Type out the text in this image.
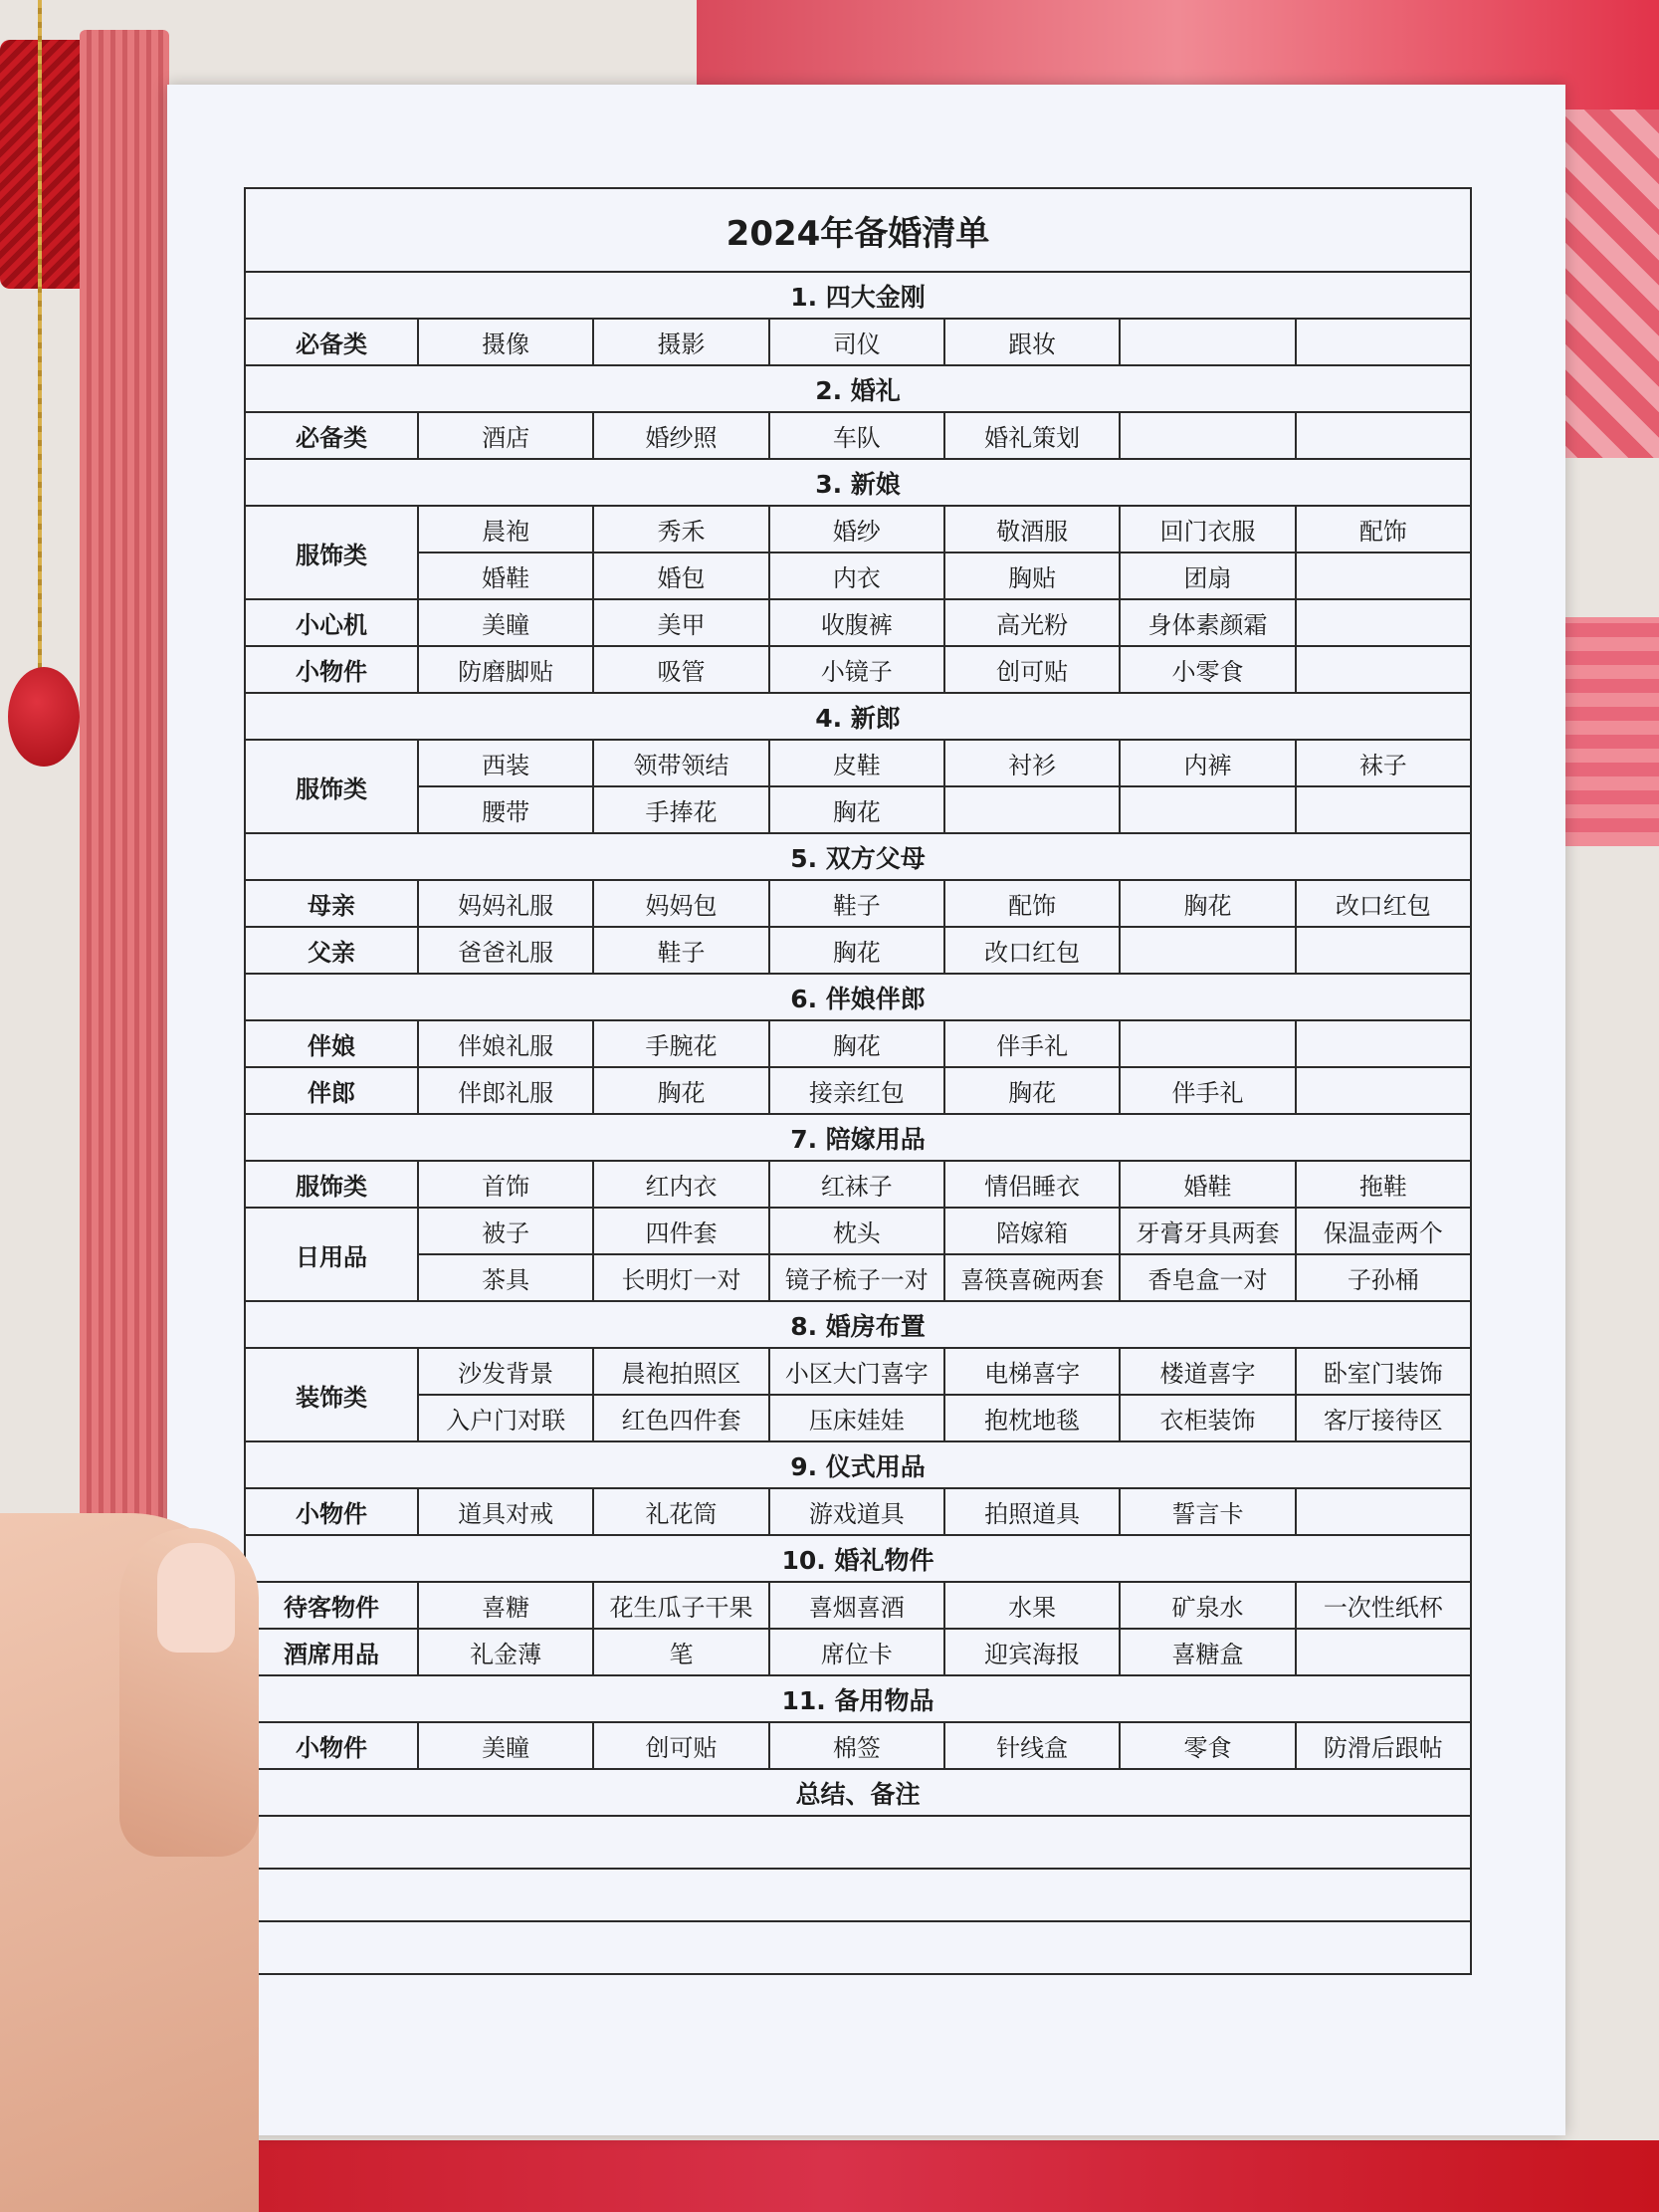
2024年备婚清单						
1. 四大金刚						
必备类	摄像	摄影	司仪	跟妆		
2. 婚礼						
必备类	酒店	婚纱照	车队	婚礼策划		
3. 新娘						
服饰类	晨袍	秀禾	婚纱	敬酒服	回门衣服	配饰
	婚鞋	婚包	内衣	胸贴	团扇	
小心机	美瞳	美甲	收腹裤	高光粉	身体素颜霜	
小物件	防磨脚贴	吸管	小镜子	创可贴	小零食	
4. 新郎						
服饰类	西装	领带领结	皮鞋	衬衫	内裤	袜子
	腰带	手捧花	胸花			
5. 双方父母						
母亲	妈妈礼服	妈妈包	鞋子	配饰	胸花	改口红包
父亲	爸爸礼服	鞋子	胸花	改口红包		
6. 伴娘伴郎						
伴娘	伴娘礼服	手腕花	胸花	伴手礼		
伴郎	伴郎礼服	胸花	接亲红包	胸花	伴手礼	
7. 陪嫁用品						
服饰类	首饰	红内衣	红袜子	情侣睡衣	婚鞋	拖鞋
日用品	被子	四件套	枕头	陪嫁箱	牙膏牙具两套	保温壶两个
	茶具	长明灯一对	镜子梳子一对	喜筷喜碗两套	香皂盒一对	子孙桶
8. 婚房布置						
装饰类	沙发背景	晨袍拍照区	小区大门喜字	电梯喜字	楼道喜字	卧室门装饰
	入户门对联	红色四件套	压床娃娃	抱枕地毯	衣柜装饰	客厅接待区
9. 仪式用品						
小物件	道具对戒	礼花筒	游戏道具	拍照道具	誓言卡	
10. 婚礼物件						
待客物件	喜糖	花生瓜子干果	喜烟喜酒	水果	矿泉水	一次性纸杯
酒席用品	礼金薄	笔	席位卡	迎宾海报	喜糖盒	
11. 备用物品						
小物件	美瞳	创可贴	棉签	针线盒	零食	防滑后跟帖
总结、备注						
